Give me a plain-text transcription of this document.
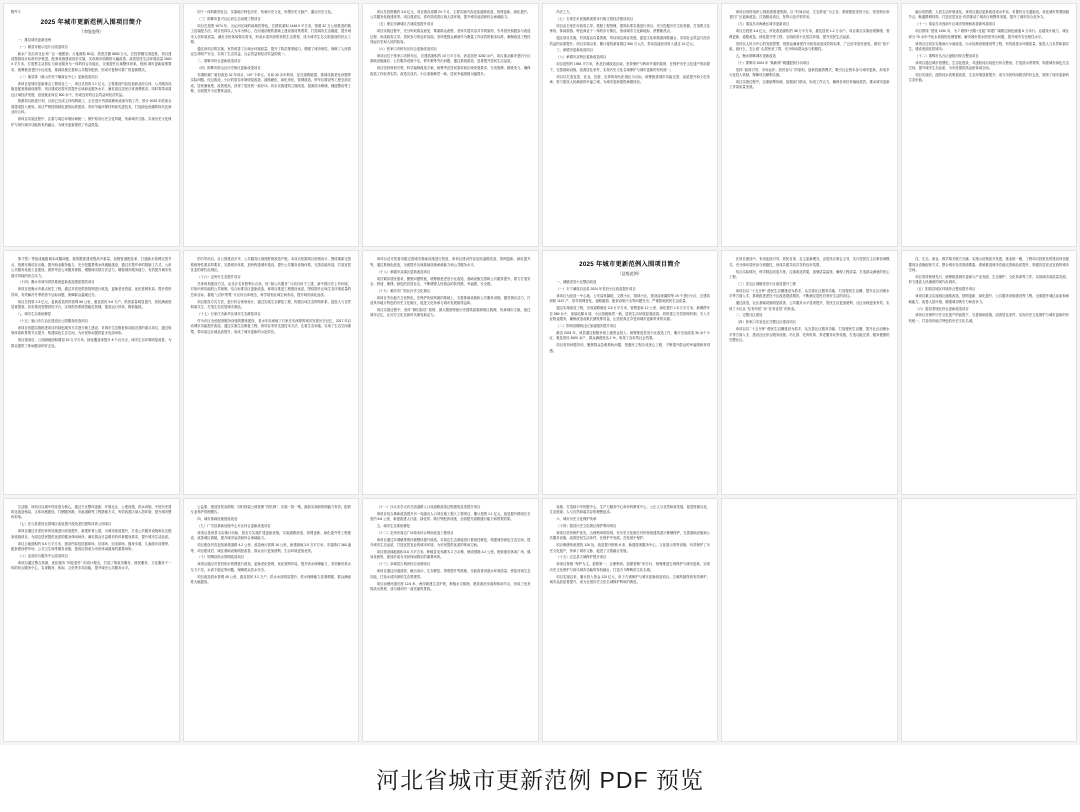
附件 2
2025 年城市更新范例入围项目简介
（市级范例）

一、雄县城市更新范例

（一）雄县市级示范片区改造项目

新水厂至沿河北业务厂区一级配套、占地面积 60亩、投资总额 5600 万元，总投资额完成进度，项目建设按照设计标准有序推进，配套设施建设同步实施，实现城市面貌的大幅改善，改善居民生活环境质量 25000 平方米，打造集生活居住与商业服务为一体的综合功能区，全面提升区域整体形象。按照 城市更新政策要求，统筹推进老旧小区改造、基础设施完善和公共服务配套，形成可复制可推广的更新模式。

（二）雄县第（唐山市安宁镇商业中心）更新改造项目

该项目是城市更新重点工程项目之一，项目总投资 2.1 亿元，主要建设内容包括商业综合体、公共服务设施及配套基础设施等，项目建成后将有效提升区域商业服务水平，满足周边居民日常消费需求。同时将带动周边区域经济发展，创造就业岗位 800 余个，形成良好的社会效益和经济效益。

按照项目推进计划，目前已完成主体结构施工，正在进行内部装修和设备安装工作，预计 2025 年底前全面建成投入使用。项目严格按照绿色建筑标准建设，采用节能环保材料和先进技术，打造绿色低碳的现代化商业综合体。

该项目实施过程中，注重与周边环境协调统一，保护原有历史文化风貌，传承城市文脉，实现历史文化保护与现代城市功能的有机融合，为城市更新提供了有益借鉴。

同于一体的新型社区，实施地方特色历史、传承历史文化，形塑历史文脉产，激活历史文化。

（三）邯郸市复兴区沁河生态治理工程项目

项目总投资 1974 年，为沁河区域的地域性特色，总建筑面积 1448.9 平方米，按照 32 万公顷推进的施工及装配方法。项目坚持以人为本为核心，在河道治理的基础上建设滨河景观带，打造城市生态廊道，提升城市人居环境质量，满足市民休闲娱乐需求，形成水清岸绿景美的生态景观，成为城市生态文明建设的亮点工程。

通过该项目的实施，有效改善了区域水环境质量，提升了防洪排涝能力，增强了城市韧性，保障了人民群众生命财产安全，实现了生态效益、社会效益和经济效益的统一。

二、邯郸市综合更新改造项目

（四）邯郸市邯山区历史街区更新改造项目

充填机械厂破旧改造 32 年项目，107 个单元，目前 30 余年利用，存在道路破损、基础设施老化问题等实际问题。经过改造，小区的居住环境明显改善，道路硬化、绿化美化、管网改造、停车位增设等工程全部完成，居民满意度、改善度高，获得了居民的一致好评。同步实施建筑立面改造、屋面防水修缮、楼道整治等工程，全面提升小区整体品质。

项目总投资额约 3.8 亿元，项目建设周期 24 个月，主要实施内容包括道路改造、管网更新、绿化提升、公共服务设施建设等。项目建成后，将有效改善区域人居环境，提升城市品质和综合承载能力。

（五）保定市满城区古城改造提升项目

项目实施过程中，充分听取群众意见，尊重群众意愿，坚持共建共治共享的原则，引导居民积极参与改造过程，形成政府主导、居民参与的良好局面。坚持把群众满意作为衡量工作成效的根本标准，确保改造工程经得起历史和人民的检验。

（六）张家口市桥东区综合更新改造项目

该项目位于张家口市桥东区，总建筑面积约 15 万平方米，涉及居民 3200 余户。项目重点解决老旧小区基础设施落后、公共服务设施不足、停车难等突出问题，通过系统改造，显著提升居民生活品质。

项目坚持规划引领，科学编制改造方案，统筹考虑居民需求和区域发展要求，分类施策、精准发力，确保改造工作取得实效。改造完成后，小区面貌焕然一新，居民幸福指数大幅提升。

作法之九，

（七）石家庄市民族路滨景步行街文旅经济建设项目

项目由石家庄市政府主导，按照工程管理、建筑标准实施进行项目，充分挖掘历史文化资源，打造集文化体验、休闲旅游、特色商业于一体的步行街区，形成城市文化新地标、消费新热点。

通过项目实施，有效盘活存量资源，带动周边商业发展，促进文化和旅游深度融合，实现社会效益与经济效益的双重提升。项目实施以来，累计接待游客超过 500 万人次，带动直接经济收入超过 10 亿元。

三、承德市更新改造项目

（八）承德市双桥区更新改造项目

项目范围约 1984 平方米，涉及旧城改造区域，坚持保护与利用并重的原则，在保护历史文化遗产的前提下，完善基础设施，改善居住条件，实现历史文化名城保护与城市更新的有机统一。

项目以打造宜居、宜业、宜游、宜养的现代化城区为目标，统筹推进城市功能完善、品质提升和文化传承，努力建设人民满意的幸福之城，为城市更新提供承德经验。

该项目同时组织公园亟需基建资源，以 "时间活动、生态供电" 为主旨，系统推进老旧小区、老旧街区和老旧厂区更新改造，打造精品项目，发挥示范引领作用。

（九）秦皇岛市海港区城市更新项目

项目总投资 4.6 亿元，涉及改造面积约 38 万平方米，惠及居民 1.2 万余户。项目重点实施房屋修缮、管网更新、道路改造、绿化提升等工程，全面改善小区居住环境，提升居民生活品质。

坚持以人民为中心的发展思想，把群众满意度作为检验改造成效的标准，广泛征求居民意见，做到 "改不改、改什么、怎么改" 由居民说了算，充分调动群众参与积极性。

五、衡水邯郸城市更新改造

（十）邯郸市 2024 年 "焕新颜" 精通配套行动项目

坚持 "政府引导、市场运作、居民参与" 的原则，创新投融资模式，吸引社会资本参与城市更新，形成多元化投入机制，保障项目顺利实施。

项目实施过程中，注重统筹协调，加强部门联动，形成工作合力，确保各项任务落地见效，推动城市更新工作高质量发展。

融合氛围感，人居生活环境优化，该项目通过更新改造成水车站，布置综合交通枢纽，优化城市景观面貌节点，畅通路网结构，打造宜居宜业 有效推动了城市区域整体发展，提升了城市综合竞争力。

（十一）秦皇岛市西部片区城市管理和改善新风道项目

项目围绕 "建设 1190 米、为 7 路桥+沉陷+过渡" 构建广阔路边绿色廊道 8 万米行。运超设计能力，城区部分 70 余年中优水质段的处理管理，解决城市排水防涝突出问题，提升城市安全韧性水平。

该项目还同步实施雨污分流改造、污水处理设施建设等工程，有效改善水环境质量，促进人与自然和谐共生，建设美丽宜居城市。

（十二）邯郸市丛台区滏阳河综合整治项目

该项目通过城市智慧化、生态化建设，对滏阳河沿线进行综合整治，打造滨水景观带，构建城市绿色生态空间，提升城市生态品质，为市民提供高品质休闲空间。

项目实施后，滏阳河水质明显改善，生态环境显著提升，成为市民休闲娱乐的好去处，展现了城市更新的生态价值。

第才型）等组成地级城本或隔问题，我的限度建设提高中重量，加强管道配化率，打通新水管网完善节点，按照充填项目出版，提升职业服务能力，充分挖掘景观水体潜能建设，通过多措并举的措施工方式，公用公共服务设施工业建设，着带考虑公用服务规格、增强城市群方法活力，增强城市服务能力，有效提升城市发展可持续的综合实力。

（十四）衡水市城市供热系统更新改造提质提效项目

该项目是衡水市重点民生工程，通过对老旧供热管网进行改造，更换老化管道、优化管网布局、提升供热效率，有效解决冬季供热不达标问题，保障群众温暖过冬。

项目总投资 2.3 亿元，更新改造供热管网 68 公里，惠及居民 5.6 万户，供热质量明显提升，居民满意度显著提高。同步建设智慧供热平台，实现供热系统智能化管理，提高运行效率，降低能耗。

八、城市生态系统修复

（十五）唐山市古冶区建设区公园服务改造项目

该项目依据实施推进项目的绿色服务方式进行施工建设，对城市生态修复和功能完善的重点项目，通过规划体系和景观节点提升，构建绿色生态空间，为市民休闲提供更多优质场所。

项目建成后，公园绿地面积增加 15 万平方米，绿化覆盖率提升 8 个百分点，城市生态环境明显改善，为群众提供了休闲健身的好去处。

的引导项目。目公园建设多年，公共服务区域视野被改造产配，本项目依据项目规划设计，围绕重新完善系统特性需求的要求，完善城市体系，加快构建城市建设，提升公共服务设施体系，完善功能布局，打造宜居宜业的现代化城区。

（十六）定州市生态提升项目

总体规划建设方式，由北京名有胜利台合处，现 "绿公共服务" 与项目用于之建，新中国历史上有环境，对象识别功能的公共规制，结合标准各区更新改造，该项目推进工程建设优质，围绕提升区域生态环境质量的总体目标，着眼 "公园+景观" 片区综合体理念，科学规划区域空间布局，提升城市绿化品质。

项目建设方式方法，进行综合规划设计，通过实施生态修复工程，构建区域生态网络体系，促进人与自然和谐共生，打造生态宜居城市典范。

（十七）石家庄市新华区城市生态修复项目

作为市区全民配套服务设施的整体建设，老水车站承载了石家庄市深厚的城市发展历史记忆，2017 年启动城市功能提升改造，通过实施生态修复工程，该项目采用先进技术方法，注重生态和谐，实现了生态空间重塑，带动周边区域品质提升，形成了城市更新的示范效应。

该项目还可依靠市级完善城市基础设施进行投放，该项目建设内容包括道路改造、管网更新、绿化提升等，通过系统化改造，全面提升区域基础设施承载能力和公共服务水平。

（十八）承德市双滦区更新改造项目

项目紧扣居民需求，聚焦问题短板，统筹推进老旧小区改造、基础设施完善和公共服务提升，着力打造安全、舒适、便捷、绿色的宜居社区，不断增强人民群众的获得感、幸福感、安全感。

（十九）廊坊市广阳区历史文化街区

该项目突出地方文化特色，在保护传统风貌的基础上，完善基础设施和公共服务设施，激发街区活力，打造具有地方特色的历史文化街区，促进文化传承与城市发展相得益彰。

项目实施过程中，坚持 "修旧如旧" 原则，最大限度保留历史建筑原貌和街区肌理，传承城市文脉，留住城市记忆，让历史文化在新时代焕发新活力。

2025 年城市更新范例入围项目简介
（县级范例）

一、城镇老旧小区整治改造

（一）丰宁满族自治县 2024 年老旧小区改造提升项目

该项目为改造一中心地、公安局家属院、文教小区、园林小区、建设局家属院等 19 个老旧小区，总建筑面积 1167 户，常年管网老化、道路破损、配套设施不全等问题突出，严重影响居民生活质量。

通过实施改造工程，完成道路硬化 2.8 万平方米、管网更新 12 公里、绿化提升 1.5 万平方米、新增停车位 580 余个、加装电梯 8 部，小区面貌焕然一新，居民生活环境显著改善。同时建立长效管理机制，引入专业物业服务，确保改造成果长期发挥效益，让居民真正享受到城市更新带来的实惠。

（二）围场县栅杨社区加装服务提升项目

最近 2024 年，该县通过积极争取上级资金投入，统筹推进老旧小区改造工作，累计完成改造 30 余个小区，惠及居民 3000 余户，群众满意度达 1 %，取得了良好的社会效果。

项目坚持问题导向，聚焦群众急难愁盼问题，把惠民工程办成民心工程，不断提升群众的幸福感和获得感。

在项目建设中，采用连续引导、居民自得、自主更新模式，由居民议事会主导，实行居民自主议事协商模式，充分调动居民参与积极性，形成共建共治共享的良好氛围。

结合实际情况，科学制定改造方案，注重改造效果，加强质量监管，确保工程质量，打造群众满意的民心工程。

（三）崇礼区城镇老旧小区改造提升工程

该项目以 "十五分钟" 便民生活圈建设为抓手，从完善社区服务功能、打造便民生活圈、提升社区治理水平等方面入手，系统推进老旧小区改造提质增效，不断满足居民对美好生活的向往。

通过改造，社区基础设施明显改善，公共服务水平显著提升，居民生活更加便利，社区治理更加有效，实现了小区从 "住有所居" 到 "住有宜居" 的转变。

二、完整社区建设

（四）张家口市宣化区完整社区建设项目

该项目以 "十五分钟" 便民生活圈建设为抓手，从完善社区服务功能、打造便民生活圈、提升社区治理水平等方面入手，建设社区综合服务设施、幼儿园、托育机构、养老服务站等设施，打造功能完善、服务便捷的完整社区。

住、生态、商业、教学相关联方式落，实施示范物质开发建、基业统一镇，工程项目投资及的建设项目配置项目设施配套方式，整合城市各类资源要素，系统推进城市功能完善和品质提升，构建宜居宜业宜游的城市空间。

项目坚持规划先行，统筹推进城市更新与产业发展、生态保护、文化传承等工作，实现城市高质量发展，努力建设人民满意的现代化城市。

（五）阳原县城区环境综合整治提升项目

该项目重点实施城区道路改造、管网更新、绿化提升、公共服务设施建设等工程，全面提升城区品质和承载能力，改善人居环境，增强城市吸引力和竞争力。

（六）蔚县老城区综合更新改造项目

该项目在保护历史文化遗产的前提下，完善基础设施，改善居住条件，实现历史文化保护与城市更新的有机统一，打造具有地方特色的历史文化名城。

生活随、该项目以城中村改造为核心，通过片区整体更新，开展社区、公建设施、供水设施、中国历史建筑化改造格局，文体设施建设，打捆服务路、市政道路等工程措施方式，有效改善区域人居环境，提升城市整体形象。

（七）任丘县建设北国城区改造提升改造老旧建筑体育公园项目

该项目通过对老旧体育设施进行改造提升，新建体育公园，为城市改造提升，打造公共服务设施和社区配套设施项目，为周边居民提供优质的健身休闲场所，满足群众日益增长的体育健身需求，提升城市生活品质。

项目占地面积约 5.6 万平方米，建设内容包括篮球场、足球场、羽毛球场、健身步道、儿童游乐设施等，配套建设停车场、公共卫生间等服务设施，建成后将成为市民休闲健身的重要场所。

（八）沧县综合服务中心改造项目

该项目通过整合资源，优化服务 "四化提升" 的设计理念，打造了集政务服务、便民服务、文化服务于一体的综合服务中心，实现服务、休闲、文化等多项功能，提升城市公共服务水平。

公益需、建设居民参照格、同时探索公园管理 "园长制"，实施一园一策，最新实施和管理能力有效，配套专业养护管理模式。

四、城市基础设施建设改造

（九）广宗县基础设施中心片区综合更新改造项目

该项目是该县为实施行动始，按友方实施扩建更新设施，实施道路改造、管网更新、绿化提升等工程建设，改善城区面貌，提升城市品质和综合承载能力。

项目建设内容包括新建道路 4.2 公里、改造雨污管网 18 公里、新建绿地 3.5 万平方米、安装路灯 360 盏等，项目建成后，城区基础设施明显改善，群众出行更加便利，生活环境更加优美。

（十）馆陶县供水管网改造项目

该项目通过对老旧供水管网进行改造，更换老化管网，优化管网布局，提升供水保障能力，有效解决供水压力不足、水质不稳定等问题，保障群众饮水安全。

项目改造供水管网 45 公里，惠及居民 3.2 万户，供水水质明显提升，供水保障能力显著增强，群众满意度大幅提高。

（十一）沙头市学大有关清道路入口设道路改善过程建筑及造提升项目

该项目结合事新改造提升另一周道出人口项目施工程入工程项目，累计投资 1.1 亿元，改造提升路段总长度约 8.6 公里，新建改建人行道、绿化带、路灯等配套设施，全面提升道路通行能力和景观效果。

五、城市生态系统修复

（十二）定州市周边广场周末综合利用改造工程项目

该项目通过对城镇景观环境整体提升改造，对周边生态系统进行系统性修复，构建城市绿色生态空间，提升城市生态品质，打造宜居宜业的城市环境，为市民提供优质的休闲空间。

项目建设绿地面积 8.6 万平方米，种植各类乔灌木 2 万余株，铺设园路 3.2 公里，配套建设休闲广场、健身设施等，建成后成为市民休闲娱乐的重要场所。

（十三）阜城县古城河综合治理项目

该项目通过河道清淤、截污治污、生态修复、景观提升等措施，全面改善河道水环境质量，恢复河流生态功能，打造水清岸绿的生态景观带。

项目治理河道长度 12.6 米，两岸新建生态护坡，种植水生植物，建设滨河步道和休闲节点，形成了优美的滨水景观，成为城市的一道亮丽风景线。

设施、打造基少华民服中心、生产力服务中心和市科教常中心，公正人与自然和谐发展，促进资源以化、生态资源、人与自然和谐共存的理想追求。

六、城市历史文化保护传承

（十四）蔚县历史文化街区保护利用项目

该项目坚持保护优先、合理利用的原则，对历史文化街区内的传统建筑进行修缮保护，完善基础设施和公共服务设施，改善居民生活条件，在保护中发展，在发展中保护。

项目修缮传统建筑 126 处，改造提升街巷 8 条，新建游客服务中心、文化展示馆等设施，有效保护了历史文化遗产，传承了城市文脉，促进了文旅融合发展。

（十五）正定县古城保护提升项目

该项目按照 "保护为主、抢救第一、合理利用、加强管理" 的方针，统筹推进古城保护与城市更新，实现历史文化保护与现代城市功能的有机融合，打造古今辉映的文化名城。

项目实施以来，累计投入资金 120 亿元，用于古城保护与城市更新改造项目，古城风貌得到有效保护，城市品质显著提升，成为全国历史文化名城保护利用的典范。

河北省城市更新范例 PDF 预览
